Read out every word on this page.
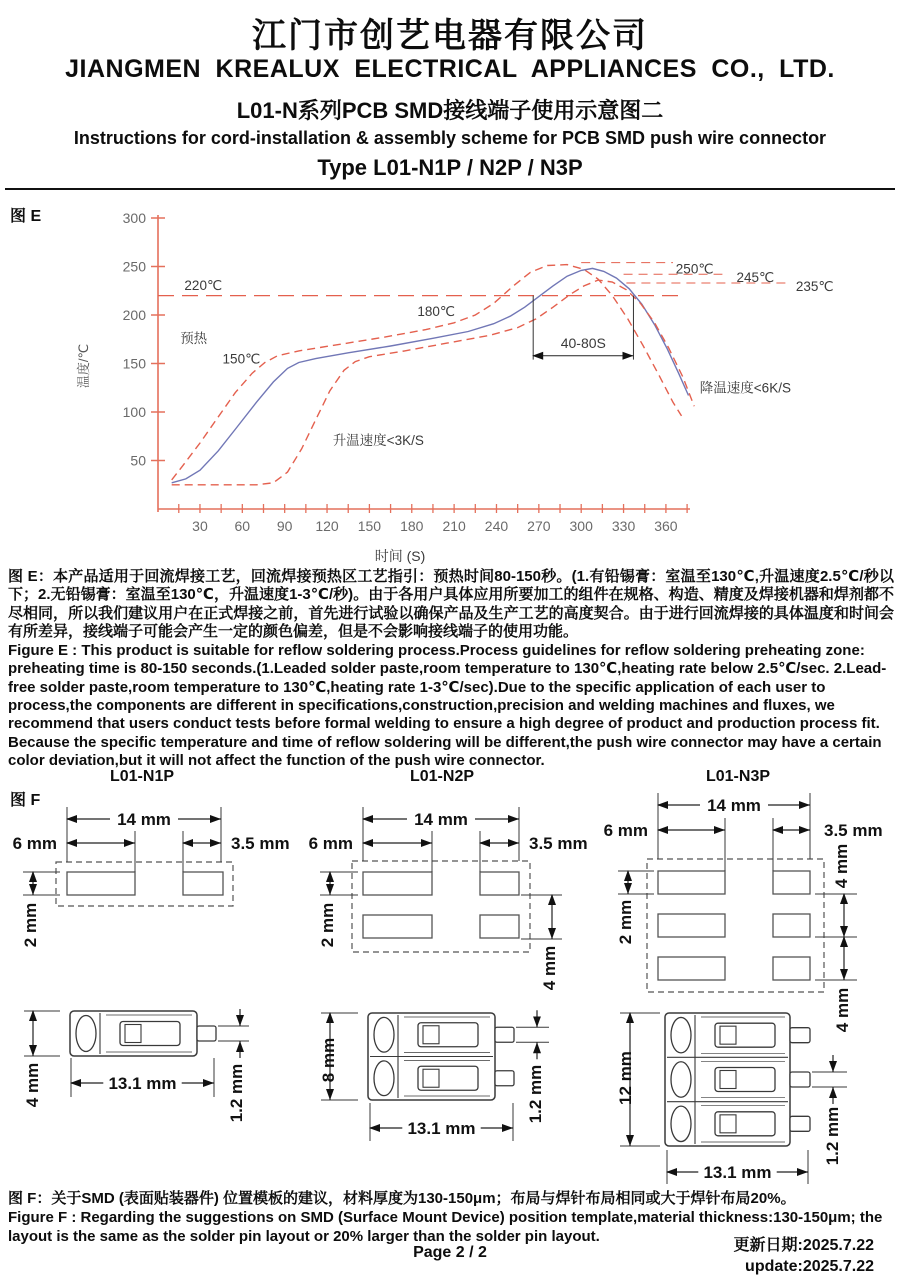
江门市创艺电器有限公司
JIANGMEN KREALUX ELECTRICAL APPLIANCES CO., LTD.
L01-N系列PCB SMD接线端子使用示意图二
Instructions for cord-installation & assembly scheme for PCB SMD push wire connector
Type L01-N1P / N2P / N3P
图 E
图 F
L01-N1P	L01-N2P	L01-N3P
50
100
150
200
250
300
30 60 90 120 150 180 210 240 270 300 330 360
温度/℃
时间 (S)
40-80S
220℃
预热
150℃
180℃
升温速度<3K/S
降温速度<6K/S
250℃
245℃
235℃
14 mm
6 mm	3.5 mm
2 mm
4 mm	13.1 mm	1.2 mm
14 mm
6 mm	3.5 mm
2 mm
4 mm
8 mm
13.1 mm
1.2 mm
14 mm
6 mm	3.5 mm
2 mm
4 mm
4 mm
12 mm
13.1 mm
1.2 mm

图 E：本产品适用于回流焊接工艺，回流焊接预热区工艺指引：预热时间80-150秒。(1.有铅锡膏：室温至130℃,升温速度2.5℃/秒以下；2.无铅锡膏：室温至130℃，升温速度1-3℃/秒)。由于各用户具体应用所要加工的组件在规格、构造、精度及焊接机器和焊剂都不尽相同，所以我们建议用户在正式焊接之前，首先进行试验以确保产品及生产工艺的高度契合。由于进行回流焊接的具体温度和时间会有所差异，接线端子可能会产生一定的颜色偏差，但是不会影响接线端子的使用功能。

Figure E : This product is suitable for reflow soldering process.Process guidelines for reflow soldering preheating zone: preheating time is 80-150 seconds.(1.Leaded solder paste,room temperature to 130℃,heating rate below 2.5℃/sec. 2.Lead-free solder paste,room temperature to 130℃,heating rate 1-3℃/sec).Due to the specific application of each user to process,the components are different in specifications,construction,precision and welding machines and fluxes, we recommend that users conduct tests before formal welding to ensure a high degree of product and production process fit. Because the specific temperature and time of reflow soldering will be different,the push wire connector may have a certain color deviation,but it will not affect the function of the push wire connector.

图 F：关于SMD (表面贴装器件) 位置模板的建议，材料厚度为130-150μm；布局与焊针布局相同或大于焊针布局20%。

Figure F : Regarding the suggestions on SMD (Surface Mount Device) position template,material thickness:130-150μm; the layout is the same as the solder pin layout or 20% larger than the solder pin layout.

Page 2 / 2	更新日期:2025.7.22
update:2025.7.22
